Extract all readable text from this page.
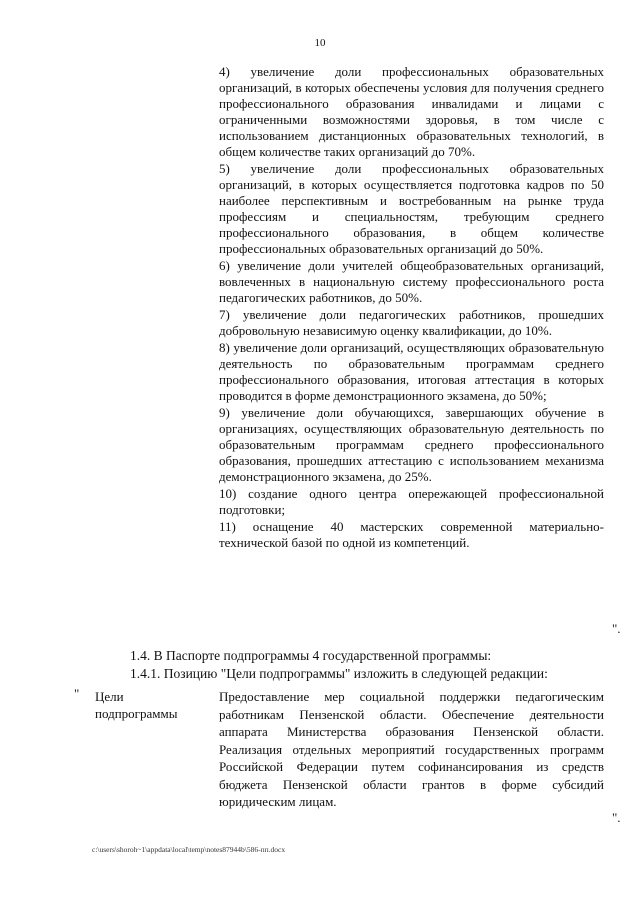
10

4) увеличение доли профессиональных образовательных организаций, в которых обеспечены условия для получения среднего профессионального образования инвалидами и лицами с ограниченными возможностями здоровья, в том числе с использованием дистанционных образовательных технологий, в общем количестве таких организаций до 70%.

5) увеличение доли профессиональных образовательных организаций, в которых осуществляется подготовка кадров по 50 наиболее перспективным и востребованным на рынке труда профессиям и специальностям, требующим среднего профессионального образования, в общем количестве профессиональных образовательных организаций до 50%.

6) увеличение доли учителей общеобразовательных организаций, вовлеченных в национальную систему профессионального роста педагогических работников, до 50%.

7) увеличение доли педагогических работников, прошедших добровольную независимую оценку квалификации, до 10%.

8) увеличение доли организаций, осуществляющих образовательную деятельность по образовательным программам среднего профессионального образования, итоговая аттестация в которых проводится в форме демонстрационного экзамена, до 50%;

9) увеличение доли обучающихся, завершающих обучение в организациях, осуществляющих образовательную деятельность по образовательным программам среднего профессионального образования, прошедших аттестацию с использованием механизма демонстрационного экзамена, до 25%.

10) создание одного центра опережающей профессиональной подготовки;

11) оснащение 40 мастерских современной материально-технической базой по одной из компетенций.

".
1.4. В Паспорте подпрограммы 4 государственной программы:
1.4.1. Позицию "Цели подпрограммы" изложить в следующей редакции:
" Цели подпрограммы
Предоставление мер социальной поддержки педагогическим работникам Пензенской области. Обеспечение деятельности аппарата Министерства образования Пензенской области. Реализация отдельных мероприятий государственных программ Российской Федерации путем софинансирования из средств бюджета Пензенской области грантов в форме субсидий юридическим лицам.
".
c:\users\shoroh~1\appdata\local\temp\notes87944b\586-пп.docx
